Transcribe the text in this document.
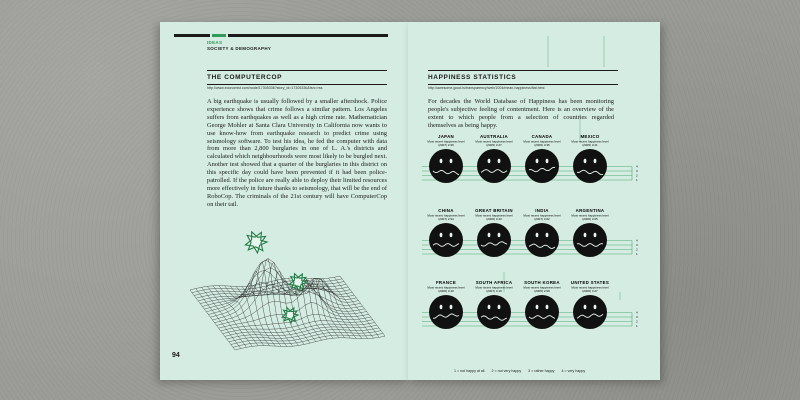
IDEAS
SOCIETY & DEMOGRAPHY
THE COMPUTERCOP
http://www.economist.com/node/17305336?story_id=17305336&fsrc=rss
A big earthquake is usually followed by a smaller aftershock. Police experience shows that crime follows a similar pattern. Los Angeles suffers from earthquakes as well as a high crime rate. Mathematician George Mohler at Santa Clara University in California now wants to use know-how from earthquake research to predict crime using seismology software. To test his idea, he fed the computer with data from more than 2,800 burglaries in one of L. A.'s districts and calculated which neighbourhoods were most likely to be burgled next. Another test showed that a quarter of the burglaries in this district on this specific day could have been prevented if it had been police-patrolled. If the police are really able to deploy their limited resources more effectively in future thanks to seismology, that will be the end of RoboCop. The criminals of the 21st century will have ComputerCop on their tail.
94
HAPPINESS STATISTICS
http://awesome.good.is/transparency/web/1004/mean-happiness/flat.html
For decades the World Database of Happiness has been monitoring people's subjective feeling of contentment. Here is an overview of the extent to which people from a selection of countries regarded themselves as being happy.
4
3
2
1
4
3
2
1
4
3
2
1
JAPAN
Most recent happiness level
(2007) 2.99
AUSTRALIA
Most recent happiness level
(2005) 3.27
CANADA
Most recent happiness level
(2006) 3.36
MEXICO
Most recent happiness level
(2005) 3.21
CHINA
Most recent happiness level
(2007) 2.94
GREAT BRITAIN
Most recent happiness level
(2006) 3.43
INDIA
Most recent happiness level
(2007) 3.02
ARGENTINA
Most recent happiness level
(2006) 3.05
FRANCE
Most recent happiness level
(2006) 3.40
SOUTH AFRICA
Most recent happiness level
(2007) 3.10
SOUTH KOREA
Most recent happiness level
(2005) 2.99
UNITED STATES
Most recent happiness level
(2006) 3.27
1 = not happy at all 2 = not very happy 3 = rather happy 4 = very happy
